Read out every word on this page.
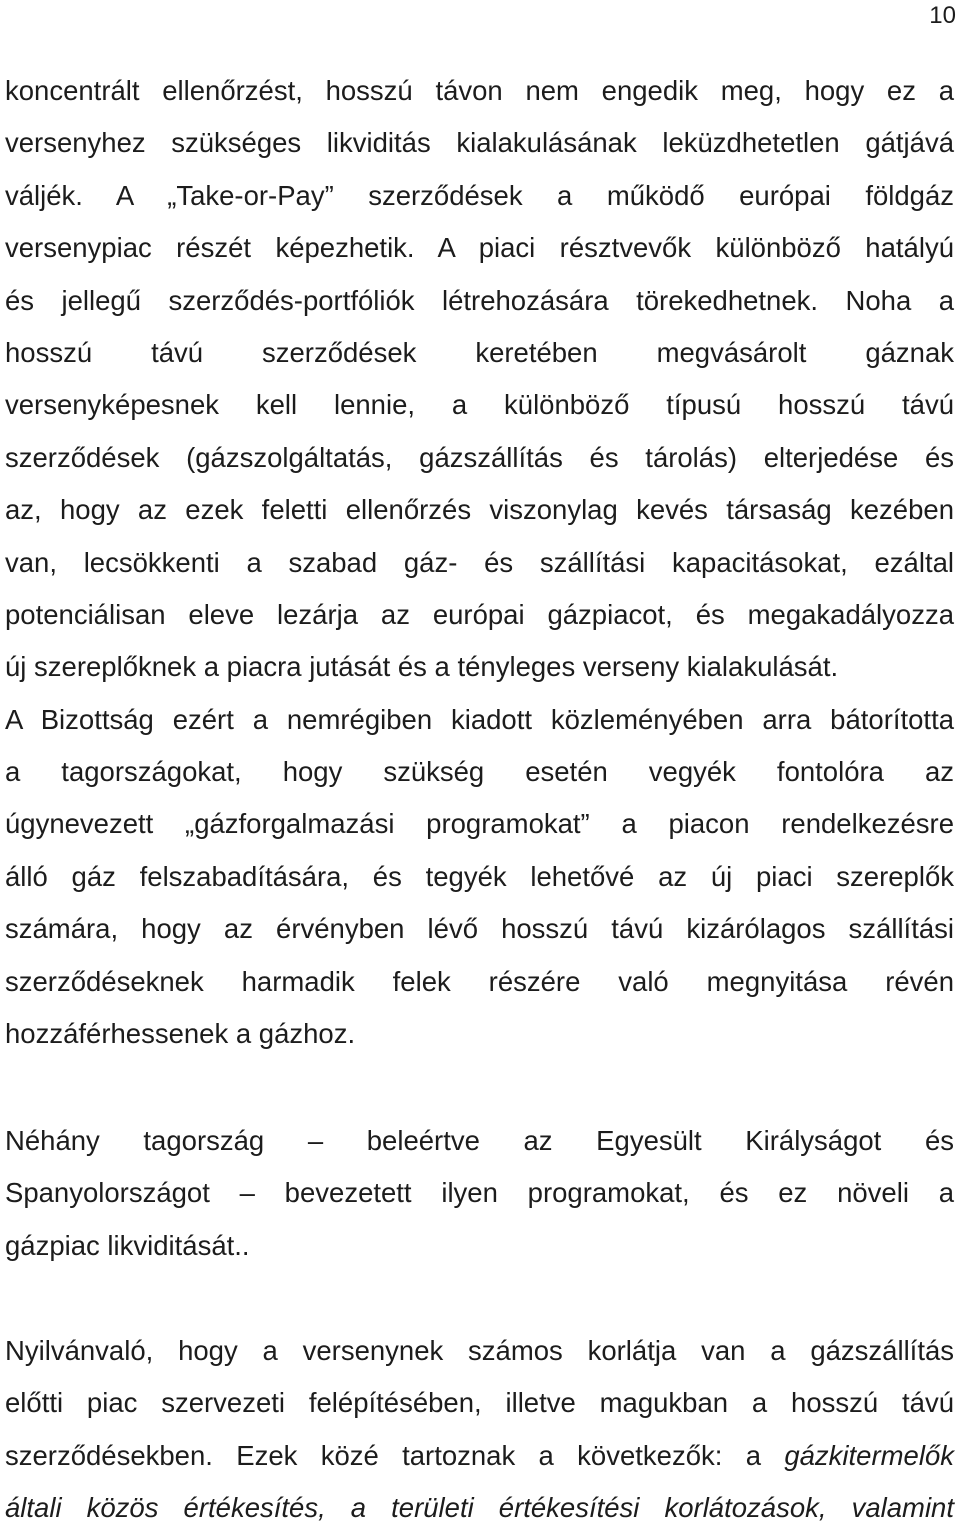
10
koncentrált ellenőrzést, hosszú távon nem engedik meg, hogy ez a
versenyhez szükséges likviditás kialakulásának leküzdhetetlen gátjává
váljék. A „Take-or-Pay” szerződések a működő európai földgáz
versenypiac részét képezhetik. A piaci résztvevők különböző hatályú
és jellegű szerződés-portfóliók létrehozására törekedhetnek. Noha a
hosszú távú szerződések keretében megvásárolt gáznak
versenyképesnek kell lennie, a különböző típusú hosszú távú
szerződések (gázszolgáltatás, gázszállítás és tárolás) elterjedése és
az, hogy az ezek feletti ellenőrzés viszonylag kevés társaság kezében
van, lecsökkenti a szabad gáz- és szállítási kapacitásokat, ezáltal
potenciálisan eleve lezárja az európai gázpiacot, és megakadályozza
új szereplőknek a piacra jutását és a tényleges verseny kialakulását.
A Bizottság ezért a nemrégiben kiadott közleményében arra bátorította
a tagországokat, hogy szükség esetén vegyék fontolóra az
úgynevezett „gázforgalmazási programokat” a piacon rendelkezésre
álló gáz felszabadítására, és tegyék lehetővé az új piaci szereplők
számára, hogy az érvényben lévő hosszú távú kizárólagos szállítási
szerződéseknek harmadik felek részére való megnyitása révén
hozzáférhessenek a gázhoz.
Néhány tagország – beleértve az Egyesült Királyságot és
Spanyolországot – bevezetett ilyen programokat, és ez növeli a
gázpiac likviditását..
Nyilvánvaló, hogy a versenynek számos korlátja van a gázszállítás
előtti piac szervezeti felépítésében, illetve magukban a hosszú távú
szerződésekben. Ezek közé tartoznak a következők: a gázkitermelők
általi közös értékesítés, a területi értékesítési korlátozások, valamint
